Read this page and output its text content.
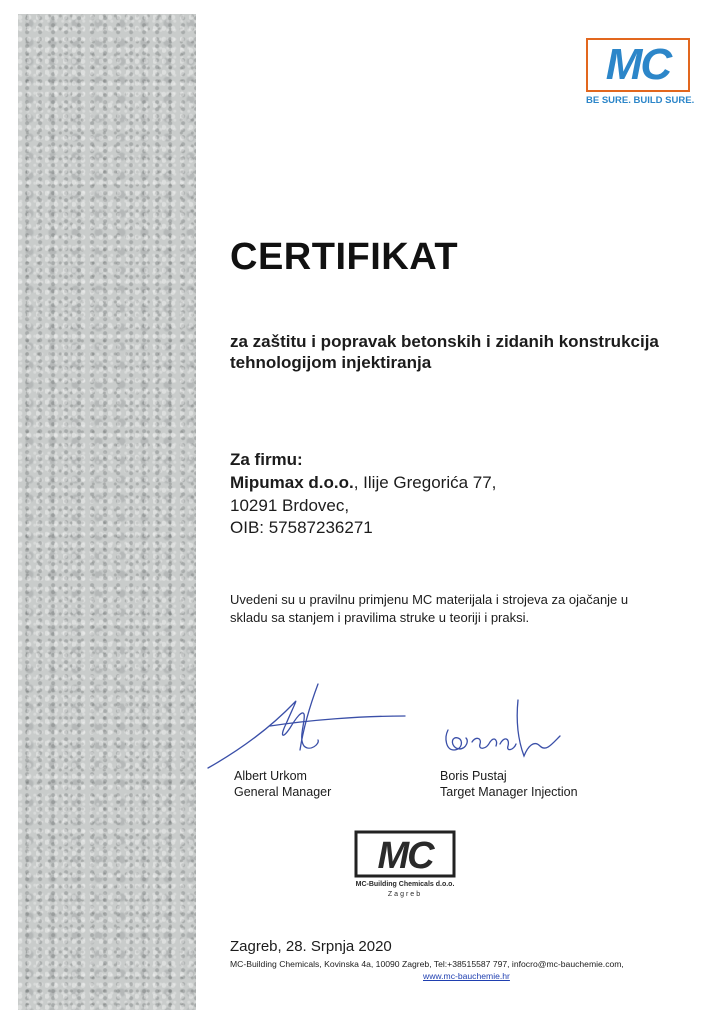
MC
BE SURE. BUILD SURE.
CERTIFIKAT
za zaštitu i popravak betonskih i zidanih konstrukcija tehnologijom injektiranja
Za firmu:
Mipumax d.o.o., Ilije Gregorića 77,
10291 Brdovec,
OIB: 57587236271
Uvedeni su u pravilnu primjenu MC materijala i strojeva za ojačanje u skladu sa stanjem i pravilima struke u teoriji i praksi.
Albert Urkom
General Manager
Boris Pustaj
Target Manager Injection
MC
MC-Building Chemicals d.o.o.
Zagreb
Zagreb, 28. Srpnja 2020
MC-Building Chemicals, Kovinska 4a, 10090 Zagreb, Tel:+38515587 797, infocro@mc-bauchemie.com,
www.mc-bauchemie.hr
